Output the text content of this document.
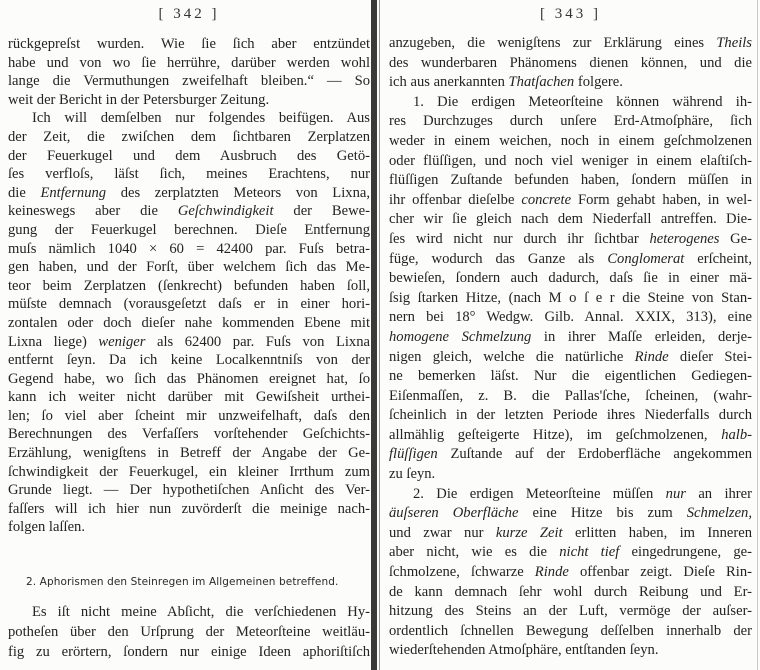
[ 342 ]
rückgepreſst wurden. Wie ſie ſich aber entzündet
habe und von wo ſie herrühre, darüber werden wohl
lange die Vermuthungen zweifelhaft bleiben.“ — So
weit der Bericht in der Petersburger Zeitung.
Ich will demſelben nur folgendes beifügen. Aus
der Zeit, die zwiſchen dem ſichtbaren Zerplatzen
der Feuerkugel und dem Ausbruch des Getö-
ſes verfloſs, läſst ſich, meines Erachtens, nur
die Entfernung des zerplatzten Meteors von Lixna,
keineswegs aber die Geſchwindigkeit der Bewe-
gung der Feuerkugel berechnen. Dieſe Entfernung
muſs nämlich 1040 × 60 = 42400 par. Fuſs betra-
gen haben, und der Forſt, über welchem ſich das Me-
teor beim Zerplatzen (ſenkrecht) befunden haben ſoll,
müſste demnach (vorausgeſetzt daſs er in einer hori-
zontalen oder doch dieſer nahe kommenden Ebene mit
Lixna liege) weniger als 62400 par. Fuſs von Lixna
entfernt ſeyn. Da ich keine Localkenntniſs von der
Gegend habe, wo ſich das Phänomen ereignet hat, ſo
kann ich weiter nicht darüber mit Gewiſsheit urthei-
len; ſo viel aber ſcheint mir unzweifelhaft, daſs den
Berechnungen des Verfaſſers vorſtehender Geſchichts-
Erzählung, wenigſtens in Betreff der Angabe der Ge-
ſchwindigkeit der Feuerkugel, ein kleiner Irrthum zum
Grunde liegt. — Der hypothetiſchen Anſicht des Ver-
faſſers will ich hier nun zuvörderſt die meinige nach-
folgen laſſen.
2. Aphorismen den Steinregen im Allgemeinen betreffend.
Es iſt nicht meine Abſicht, die verſchiedenen Hy-
potheſen über den Urſprung der Meteorſteine weitläu-
fig zu erörtern, ſondern nur einige Ideen aphoriſtiſch
[ 343 ]
anzugeben, die wenigſtens zur Erklärung eines Theils
des wunderbaren Phänomens dienen können, und die
ich aus anerkannten Thatſachen folgere.
1. Die erdigen Meteorſteine können während ih-
res Durchzuges durch unſere Erd-Atmoſphäre, ſich
weder in einem weichen, noch in einem geſchmolzenen
oder flüſſigen, und noch viel weniger in einem elaſtiſch-
flüſſigen Zuſtande befunden haben, ſondern müſſen in
ihr offenbar dieſelbe concrete Form gehabt haben, in wel-
cher wir ſie gleich nach dem Niederfall antreffen. Die-
ſes wird nicht nur durch ihr ſichtbar heterogenes Ge-
füge, wodurch das Ganze als Conglomerat erſcheint,
bewieſen, ſondern auch dadurch, daſs ſie in einer mä-
ſsig ſtarken Hitze, (nach M o ſ e r die Steine von Stan-
nern bei 18° Wedgw. Gilb. Annal. XXIX, 313), eine
homogene Schmelzung in ihrer Maſſe erleiden, derje-
nigen gleich, welche die natürliche Rinde dieſer Stei-
ne bemerken läſst. Nur die eigentlichen Gediegen-
Eiſenmaſſen, z. B. die Pallas'ſche, ſcheinen, (wahr-
ſcheinlich in der letzten Periode ihres Niederfalls durch
allmählig geſteigerte Hitze), im geſchmolzenen, halb-
flüſſigen Zuſtande auf der Erdoberfläche angekommen
zu ſeyn.
2. Die erdigen Meteorſteine müſſen nur an ihrer
äuſseren Oberfläche eine Hitze bis zum Schmelzen,
und zwar nur kurze Zeit erlitten haben, im Inneren
aber nicht, wie es die nicht tief eingedrungene, ge-
ſchmolzene, ſchwarze Rinde offenbar zeigt. Dieſe Rin-
de kann demnach ſehr wohl durch Reibung und Er-
hitzung des Steins an der Luft, vermöge der auſser-
ordentlich ſchnellen Bewegung deſſelben innerhalb der
wiederſtehenden Atmoſphäre, entſtanden ſeyn.
